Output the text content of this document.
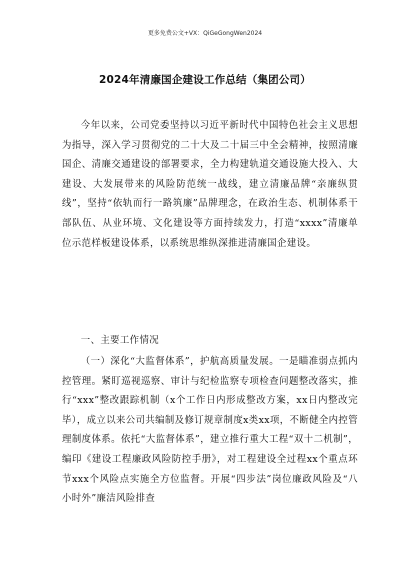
更多免费公文+VX：QiGeGongWen2024
2024年清廉国企建设工作总结（集团公司）
今年以来，公司党委坚持以习近平新时代中国特色社会主义思想为指导，深入学习贯彻党的二十大及二十届三中全会精神，按照清廉国企、清廉交通建设的部署要求，全力构建轨道交通设施大投入、大建设、大发展带来的风险防范统一战线，建立清廉品牌“亲廉纵贯线”，坚持“依轨而行一路筑廉”品牌理念，在政治生态、机制体系干部队伍、从业环境、文化建设等方面持续发力，打造“xxxx”清廉单位示范样板建设体系，以系统思维纵深推进清廉国企建设。
一、主要工作情况
（一）深化“大监督体系”，护航高质量发展。一是瞄准弱点抓内控管理。紧盯巡视巡察、审计与纪检监察专项检查问题整改落实，推行“xxx”整改跟踪机制（x个工作日内形成整改方案，xx日内整改完毕），成立以来公司共编制及修订规章制度x类xx项，不断健全内控管理制度体系。依托“大监督体系”，建立推行重大工程“双十二机制”，编印《建设工程廉政风险防控手册》，对工程建设全过程xx个重点环节xxx个风险点实施全方位监督。开展“四步法”岗位廉政风险及“八小时外”廉洁风险排查
